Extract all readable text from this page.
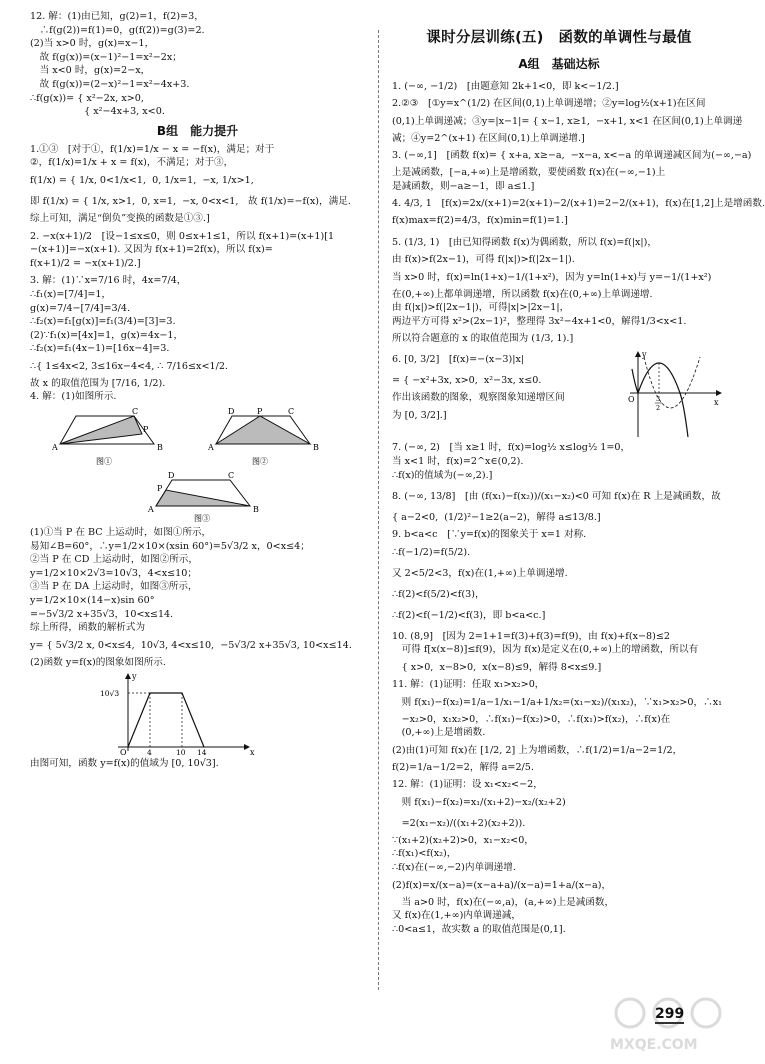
12. 解：(1)由已知，g(2)=1，f(2)=3，
　∴f(g(2))=f(1)=0，g(f(2))=g(3)=2.
(2)当 x>0 时，g(x)=x−1，
　故 f(g(x))=(x−1)²−1=x²−2x；
　当 x<0 时，g(x)=2−x，
　故 f(g(x))=(2−x)²−1=x²−4x+3.
∴f(g(x))= { x²−2x, x>0,
　　　　　  { x²−4x+3, x<0.
B组　能力提升
1.①③　[对于①，f(1/x)=1/x − x = −f(x)，满足；对于
②，f(1/x)=1/x + x = f(x)，不满足；对于③，
f(1/x) = { 1/x, 0<1/x<1,  0, 1/x=1,  −x, 1/x>1,
即 f(1/x) = { 1/x, x>1,  0, x=1,  −x, 0<x<1,　故 f(1/x)=−f(x)，满足.
综上可知，满足“倒负”变换的函数是①③.]
2. −x(x+1)/2　[设−1≤x≤0，则 0≤x+1≤1，所以 f(x+1)=(x+1)[1
−(x+1)]=−x(x+1). 又因为 f(x+1)=2f(x)，所以 f(x)=
f(x+1)/2 = −x(x+1)/2.]
3. 解：(1)∵x=7/16 时，4x=7/4，
∴f₁(x)=[7/4]=1，
g(x)=7/4−[7/4]=3/4.
∴f₂(x)=f₁[g(x)]=f₁(3/4)=[3]=3.
(2)∵f₁(x)=[4x]=1，g(x)=4x−1，
∴f₂(x)=f₁(4x−1)=[16x−4]=3.
∴{ 1≤4x<2, 3≤16x−4<4, ∴ 7/16≤x<1/2.
故 x 的取值范围为 [7/16, 1/2).
4. 解：(1)如图所示.
A	B
C
P
图①
A	B
D	C
P
图②
A	B
D	C
P
图③
(1)①当 P 在 BC 上运动时，如图①所示，
易知∠B=60°，∴y=1/2×10×(xsin 60°)=5√3/2 x，0<x≤4；
②当 P 在 CD 上运动时，如图②所示，
y=1/2×10×2√3=10√3，4<x≤10；
③当 P 在 DA 上运动时，如图③所示，
y=1/2×10×(14−x)sin 60°
=−5√3/2 x+35√3，10<x≤14.
综上所得，函数的解析式为
y= { 5√3/2 x, 0<x≤4,  10√3, 4<x≤10,  −5√3/2 x+35√3, 10<x≤14.
(2)函数 y=f(x)的图象如图所示.
y
x
O
10√3
4	10 14
由图可知，函数 y=f(x)的值域为 [0, 10√3].
课时分层训练(五)　函数的单调性与最值
A组　基础达标
1. (−∞, −1/2)　[由题意知 2k+1<0，即 k<−1/2.]
2.②③　[①y=x^(1/2) 在区间(0,1)上单调递增；②y=log½(x+1)在区间
(0,1)上单调递减；③y=|x−1|= { x−1, x≥1,  −x+1, x<1 在区间(0,1)上单调递
减；④y=2^(x+1) 在区间(0,1)上单调递增.]
3. (−∞,1]　[函数 f(x)= { x+a, x≥−a,  −x−a, x<−a 的单调递减区间为(−∞,−a)
上是减函数，[−a,+∞)上是增函数，要使函数 f(x)在(−∞,−1)上
是减函数，则−a≥−1，即 a≤1.]
4. 4/3, 1　[f(x)=2x/(x+1)=2(x+1)−2/(x+1)=2−2/(x+1)，f(x)在[1,2]上是增函数.
f(x)max=f(2)=4/3，f(x)min=f(1)=1.]
5. (1/3, 1)　[由已知得函数 f(x)为偶函数，所以 f(x)=f(|x|)，
由 f(x)>f(2x−1)，可得 f(|x|)>f(|2x−1|).
当 x>0 时，f(x)=ln(1+x)−1/(1+x²)，因为 y=ln(1+x)与 y=−1/(1+x²)
在(0,+∞)上都单调递增，所以函数 f(x)在(0,+∞)上单调递增.
由 f(|x|)>f(|2x−1|)，可得|x|>|2x−1|，
两边平方可得 x²>(2x−1)²，整理得 3x²−4x+1<0，解得1/3<x<1.
所以符合题意的 x 的取值范围为 (1/3, 1).]
6. [0, 3/2]　[f(x)=−(x−3)|x|
= { −x²+3x, x>0,  x²−3x, x≤0.
作出该函数的图象，观察图象知递增区间
为 [0, 3/2].]
y
x
O	3
2
7. (−∞, 2)　[当 x≥1 时，f(x)=log½ x≤log½ 1=0，
当 x<1 时，f(x)=2^x∈(0,2).
∴f(x)的值域为(−∞,2).]
8. (−∞, 13/8]　[由 (f(x₁)−f(x₂))/(x₁−x₂)<0 可知 f(x)在 R 上是减函数，故
{ a−2<0,  (1/2)²−1≥2(a−2)，解得 a≤13/8.]
9. b<a<c　[∵y=f(x)的图象关于 x=1 对称.
∴f(−1/2)=f(5/2).
又 2<5/2<3，f(x)在(1,+∞)上单调递增.
∴f(2)<f(5/2)<f(3)，
∴f(2)<f(−1/2)<f(3)，即 b<a<c.]
10. (8,9]　[因为 2=1+1=f(3)+f(3)=f(9)，由 f(x)+f(x−8)≤2
　可得 f[x(x−8)]≤f(9)，因为 f(x)是定义在(0,+∞)上的增函数，所以有
　{ x>0,  x−8>0,  x(x−8)≤9，解得 8<x≤9.]
11. 解：(1)证明：任取 x₁>x₂>0，
　则 f(x₁)−f(x₂)=1/a−1/x₁−1/a+1/x₂=(x₁−x₂)/(x₁x₂)，∵x₁>x₂>0，∴x₁
　−x₂>0，x₁x₂>0，∴f(x₁)−f(x₂)>0，∴f(x₁)>f(x₂)，∴f(x)在
　(0,+∞)上是增函数.
(2)由(1)可知 f(x)在 [1/2, 2] 上为增函数，∴f(1/2)=1/a−2=1/2，
f(2)=1/a−1/2=2，解得 a=2/5.
12. 解：(1)证明：设 x₁<x₂<−2，
　则 f(x₁)−f(x₂)=x₁/(x₁+2)−x₂/(x₂+2)
　=2(x₁−x₂)/((x₁+2)(x₂+2)).
∵(x₁+2)(x₂+2)>0，x₁−x₂<0，
∴f(x₁)<f(x₂)，
∴f(x)在(−∞,−2)内单调递增.
(2)f(x)=x/(x−a)=(x−a+a)/(x−a)=1+a/(x−a)，
　当 a>0 时，f(x)在(−∞,a)，(a,+∞)上是减函数，
又 f(x)在(1,+∞)内单调递减，
∴0<a≤1，故实数 a 的取值范围是(0,1].
MXQE.COM
299
